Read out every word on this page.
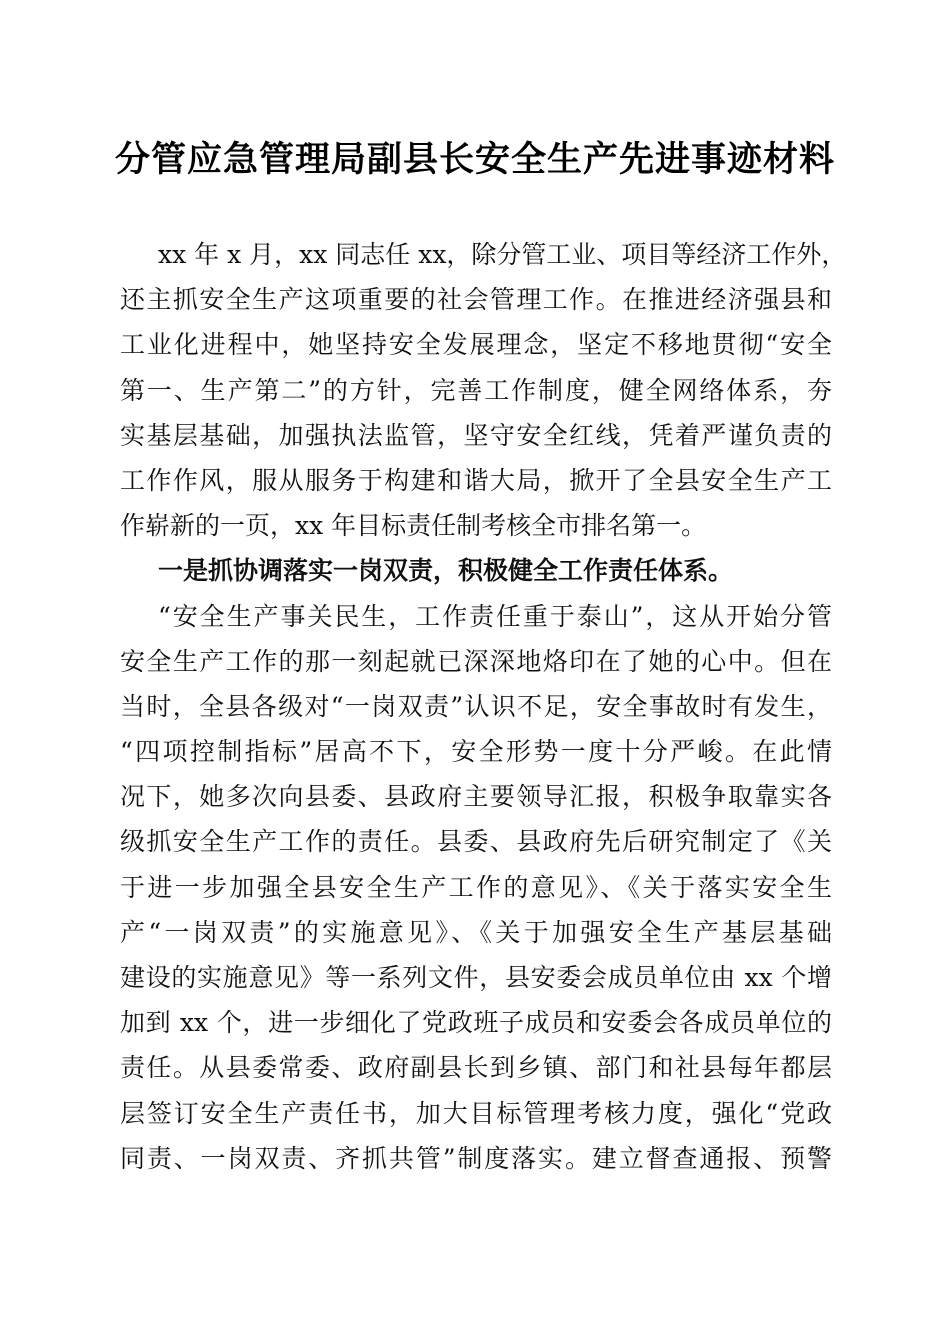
分管应急管理局副县长安全生产先进事迹材料
xx 年 x 月，xx 同志任 xx，除分管工业、项目等经济工作外，
还主抓安全生产这项重要的社会管理工作。在推进经济强县和
工业化进程中，她坚持安全发展理念，坚定不移地贯彻“安全
第一、生产第二”的方针，完善工作制度，健全网络体系，夯
实基层基础，加强执法监管，坚守安全红线，凭着严谨负责的
工作作风，服从服务于构建和谐大局，掀开了全县安全生产工
作崭新的一页，xx 年目标责任制考核全市排名第一。
一是抓协调落实一岗双责，积极健全工作责任体系。
“安全生产事关民生，工作责任重于泰山”，这从开始分管
安全生产工作的那一刻起就已深深地烙印在了她的心中。但在
当时，全县各级对“一岗双责”认识不足，安全事故时有发生，
“四项控制指标”居高不下，安全形势一度十分严峻。在此情
况下，她多次向县委、县政府主要领导汇报，积极争取靠实各
级抓安全生产工作的责任。县委、县政府先后研究制定了《关
于进一步加强全县安全生产工作的意见》、《关于落实安全生
产“一岗双责”的实施意见》、《关于加强安全生产基层基础
建设的实施意见》等一系列文件，县安委会成员单位由 xx 个增
加到 xx 个，进一步细化了党政班子成员和安委会各成员单位的
责任。从县委常委、政府副县长到乡镇、部门和社县每年都层
层签订安全生产责任书，加大目标管理考核力度，强化“党政
同责、一岗双责、齐抓共管”制度落实。建立督查通报、预警
